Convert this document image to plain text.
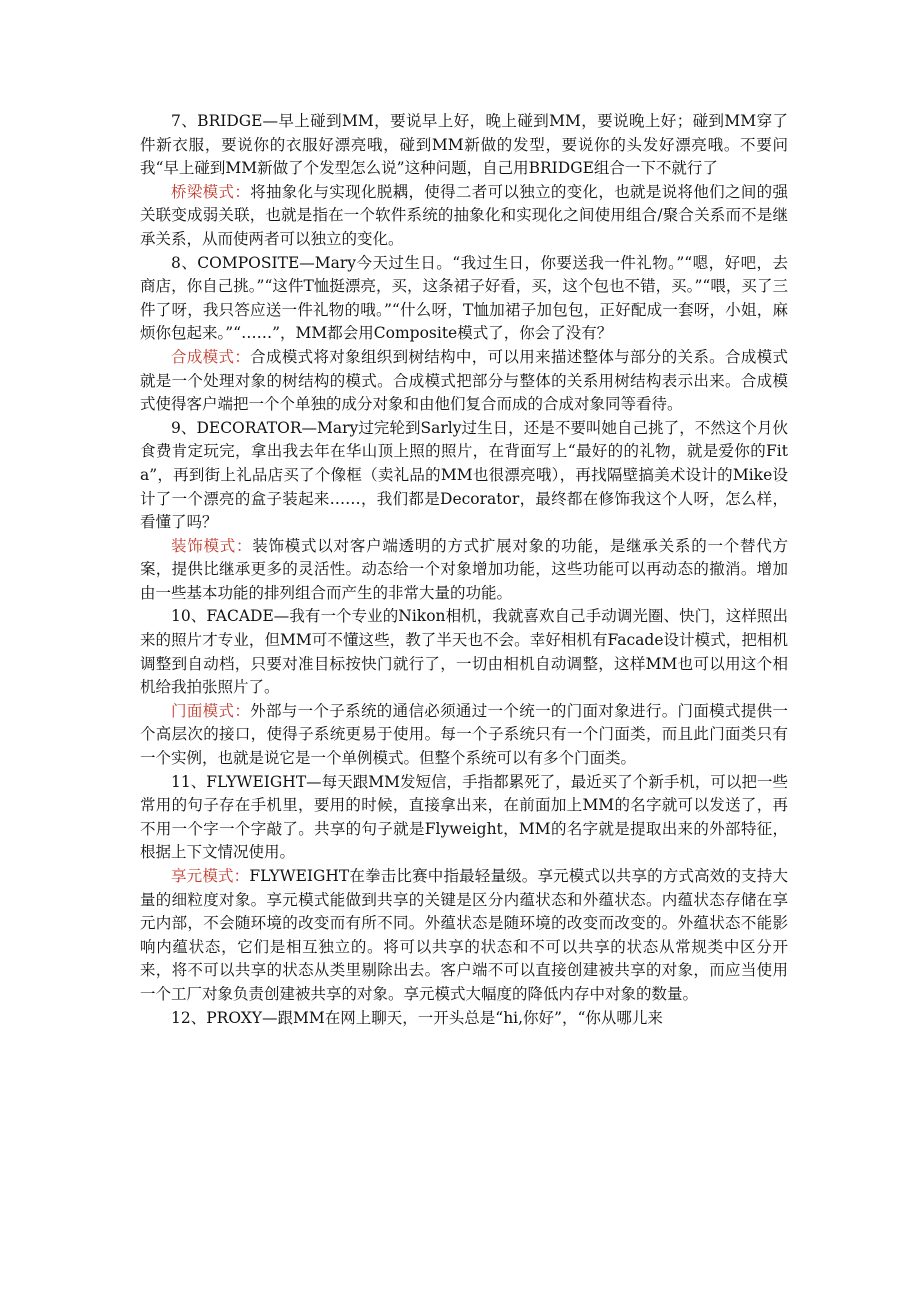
7、BRIDGE—早上碰到MM，要说早上好，晚上碰到MM，要说晚上好；碰到MM穿了件新衣服，要说你的衣服好漂亮哦，碰到MM新做的发型，要说你的头发好漂亮哦。不要问我“早上碰到MM新做了个发型怎么说”这种问题，自己用BRIDGE组合一下不就行了

桥梁模式：将抽象化与实现化脱耦，使得二者可以独立的变化，也就是说将他们之间的强关联变成弱关联，也就是指在一个软件系统的抽象化和实现化之间使用组合/聚合关系而不是继承关系，从而使两者可以独立的变化。

8、COMPOSITE—Mary今天过生日。“我过生日，你要送我一件礼物。”“嗯，好吧，去商店，你自己挑。”“这件T恤挺漂亮，买，这条裙子好看，买，这个包也不错，买。”“喂，买了三件了呀，我只答应送一件礼物的哦。”“什么呀，T恤加裙子加包包，正好配成一套呀，小姐，麻烦你包起来。”“……”，MM都会用Composite模式了，你会了没有？

合成模式：合成模式将对象组织到树结构中，可以用来描述整体与部分的关系。合成模式就是一个处理对象的树结构的模式。合成模式把部分与整体的关系用树结构表示出来。合成模式使得客户端把一个个单独的成分对象和由他们复合而成的合成对象同等看待。

9、DECORATOR—Mary过完轮到Sarly过生日，还是不要叫她自己挑了，不然这个月伙食费肯定玩完，拿出我去年在华山顶上照的照片，在背面写上“最好的的礼物，就是爱你的Fita”，再到街上礼品店买了个像框（卖礼品的MM也很漂亮哦），再找隔壁搞美术设计的Mike设计了一个漂亮的盒子装起来……，我们都是Decorator，最终都在修饰我这个人呀，怎么样，看懂了吗？

装饰模式：装饰模式以对客户端透明的方式扩展对象的功能，是继承关系的一个替代方案，提供比继承更多的灵活性。动态给一个对象增加功能，这些功能可以再动态的撤消。增加由一些基本功能的排列组合而产生的非常大量的功能。

10、FACADE—我有一个专业的Nikon相机，我就喜欢自己手动调光圈、快门，这样照出来的照片才专业，但MM可不懂这些，教了半天也不会。幸好相机有Facade设计模式，把相机调整到自动档，只要对准目标按快门就行了，一切由相机自动调整，这样MM也可以用这个相机给我拍张照片了。

门面模式：外部与一个子系统的通信必须通过一个统一的门面对象进行。门面模式提供一个高层次的接口，使得子系统更易于使用。每一个子系统只有一个门面类，而且此门面类只有一个实例，也就是说它是一个单例模式。但整个系统可以有多个门面类。

11、FLYWEIGHT—每天跟MM发短信，手指都累死了，最近买了个新手机，可以把一些常用的句子存在手机里，要用的时候，直接拿出来，在前面加上MM的名字就可以发送了，再不用一个字一个字敲了。共享的句子就是Flyweight，MM的名字就是提取出来的外部特征，根据上下文情况使用。

享元模式：FLYWEIGHT在拳击比赛中指最轻量级。享元模式以共享的方式高效的支持大量的细粒度对象。享元模式能做到共享的关键是区分内蕴状态和外蕴状态。内蕴状态存储在享元内部，不会随环境的改变而有所不同。外蕴状态是随环境的改变而改变的。外蕴状态不能影响内蕴状态，它们是相互独立的。将可以共享的状态和不可以共享的状态从常规类中区分开来，将不可以共享的状态从类里剔除出去。客户端不可以直接创建被共享的对象，而应当使用一个工厂对象负责创建被共享的对象。享元模式大幅度的降低内存中对象的数量。

12、PROXY—跟MM在网上聊天，一开头总是“hi,你好”，“你从哪儿来
